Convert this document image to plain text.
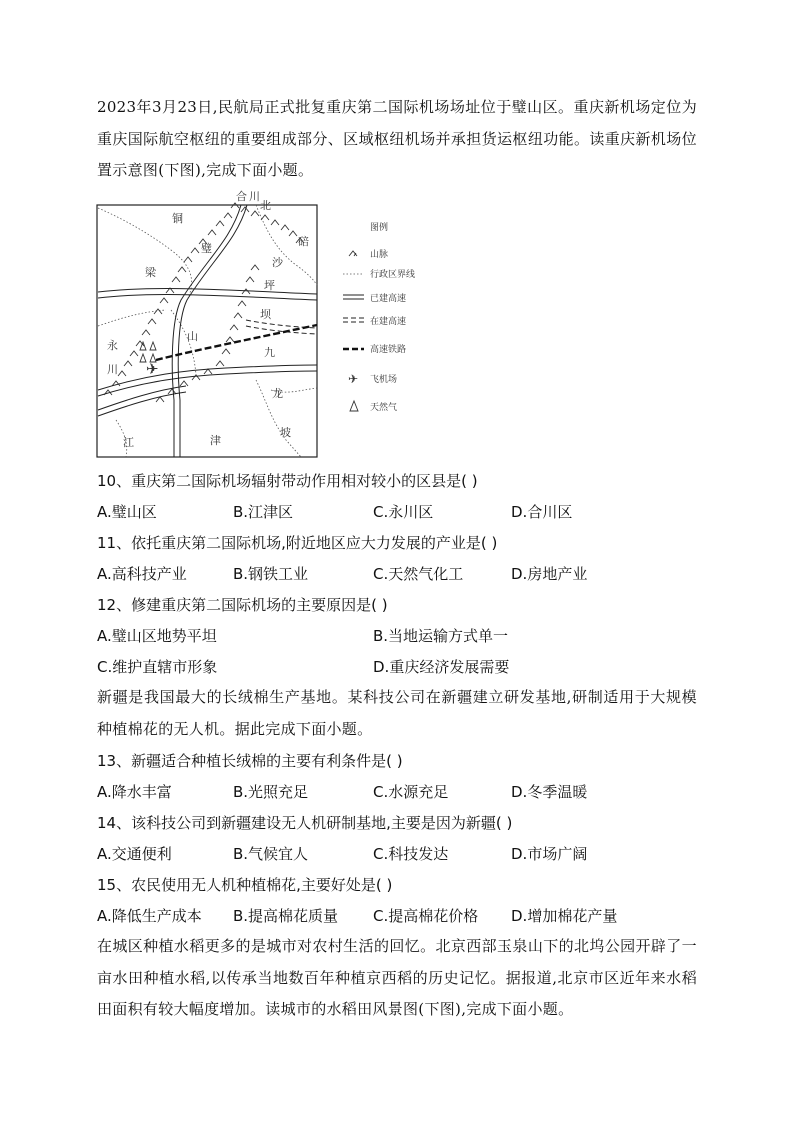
2023年3月23日,民航局正式批复重庆第二国际机场场址位于璧山区。重庆新机场定位为重庆国际航空枢纽的重要组成部分、区域枢纽机场并承担货运枢纽功能。读重庆新机场位置示意图(下图),完成下面小题。
✈
合 川
北
铜
碚
璧
沙
梁
坪
坝
山
永
川
九
龙
坡
江	津
图例
山脉
行政区界线
已建高速
在建高速
高速铁路
✈ 飞机场
天然气
10、重庆第二国际机场辐射带动作用相对较小的区县是( )
A.璧山区	B.江津区	C.永川区	D.合川区
11、依托重庆第二国际机场,附近地区应大力发展的产业是( )
A.高科技产业	B.钢铁工业	C.天然气化工	D.房地产业
12、修建重庆第二国际机场的主要原因是( )
A.璧山区地势平坦	B.当地运输方式单一
C.维护直辖市形象	D.重庆经济发展需要
新疆是我国最大的长绒棉生产基地。某科技公司在新疆建立研发基地,研制适用于大规模种植棉花的无人机。据此完成下面小题。
13、新疆适合种植长绒棉的主要有利条件是( )
A.降水丰富	B.光照充足	C.水源充足	D.冬季温暖
14、该科技公司到新疆建设无人机研制基地,主要是因为新疆( )
A.交通便利	B.气候宜人	C.科技发达	D.市场广阔
15、农民使用无人机种植棉花,主要好处是( )
A.降低生产成本 B.提高棉花质量 C.提高棉花价格 D.增加棉花产量
在城区种植水稻更多的是城市对农村生活的回忆。北京西部玉泉山下的北坞公园开辟了一亩水田种植水稻,以传承当地数百年种植京西稻的历史记忆。据报道,北京市区近年来水稻田面积有较大幅度增加。读城市的水稻田风景图(下图),完成下面小题。
